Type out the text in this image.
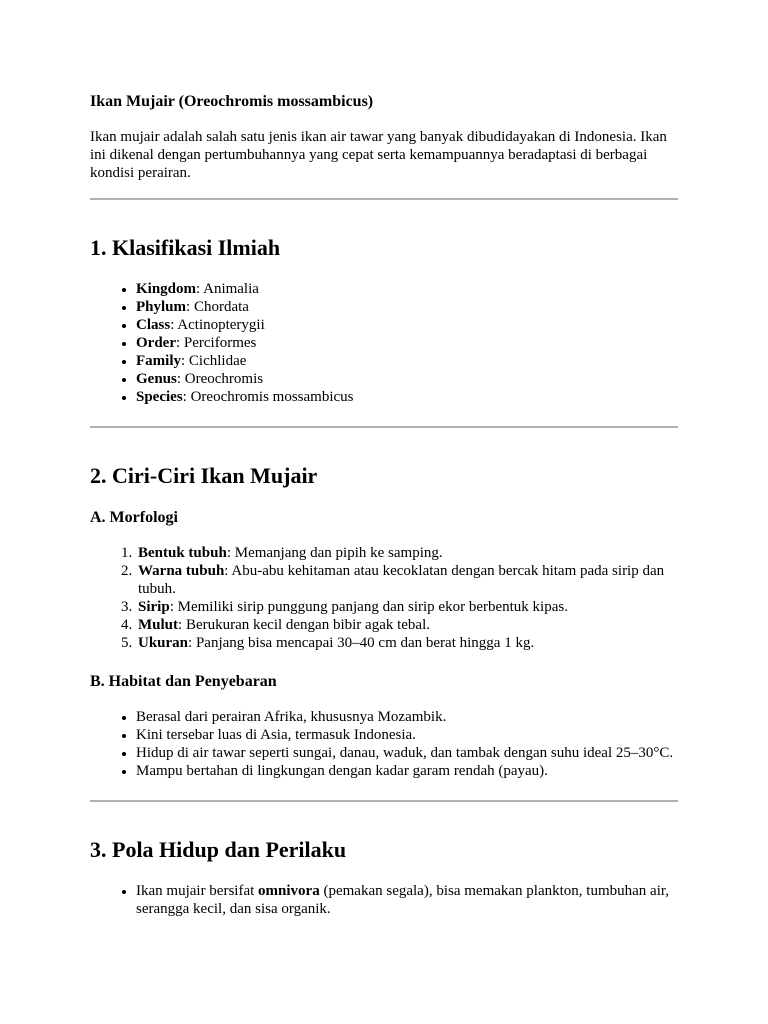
Ikan Mujair (Oreochromis mossambicus)

Ikan mujair adalah salah satu jenis ikan air tawar yang banyak dibudidayakan di Indonesia. Ikan ini dikenal dengan pertumbuhannya yang cepat serta kemampuannya beradaptasi di berbagai kondisi perairan.

1. Klasifikasi Ilmiah
• Kingdom: Animalia
• Phylum: Chordata
• Class: Actinopterygii
• Order: Perciformes
• Family: Cichlidae
• Genus: Oreochromis
• Species: Oreochromis mossambicus
2. Ciri-Ciri Ikan Mujair
A. Morfologi
1. Bentuk tubuh: Memanjang dan pipih ke samping.
2. Warna tubuh: Abu-abu kehitaman atau kecoklatan dengan bercak hitam pada sirip dan tubuh.
3. Sirip: Memiliki sirip punggung panjang dan sirip ekor berbentuk kipas.
4. Mulut: Berukuran kecil dengan bibir agak tebal.
5. Ukuran: Panjang bisa mencapai 30–40 cm dan berat hingga 1 kg.
B. Habitat dan Penyebaran
• Berasal dari perairan Afrika, khususnya Mozambik.
• Kini tersebar luas di Asia, termasuk Indonesia.
• Hidup di air tawar seperti sungai, danau, waduk, dan tambak dengan suhu ideal 25–30°C.
• Mampu bertahan di lingkungan dengan kadar garam rendah (payau).
3. Pola Hidup dan Perilaku
• Ikan mujair bersifat omnivora (pemakan segala), bisa memakan plankton, tumbuhan air, serangga kecil, dan sisa organik.
